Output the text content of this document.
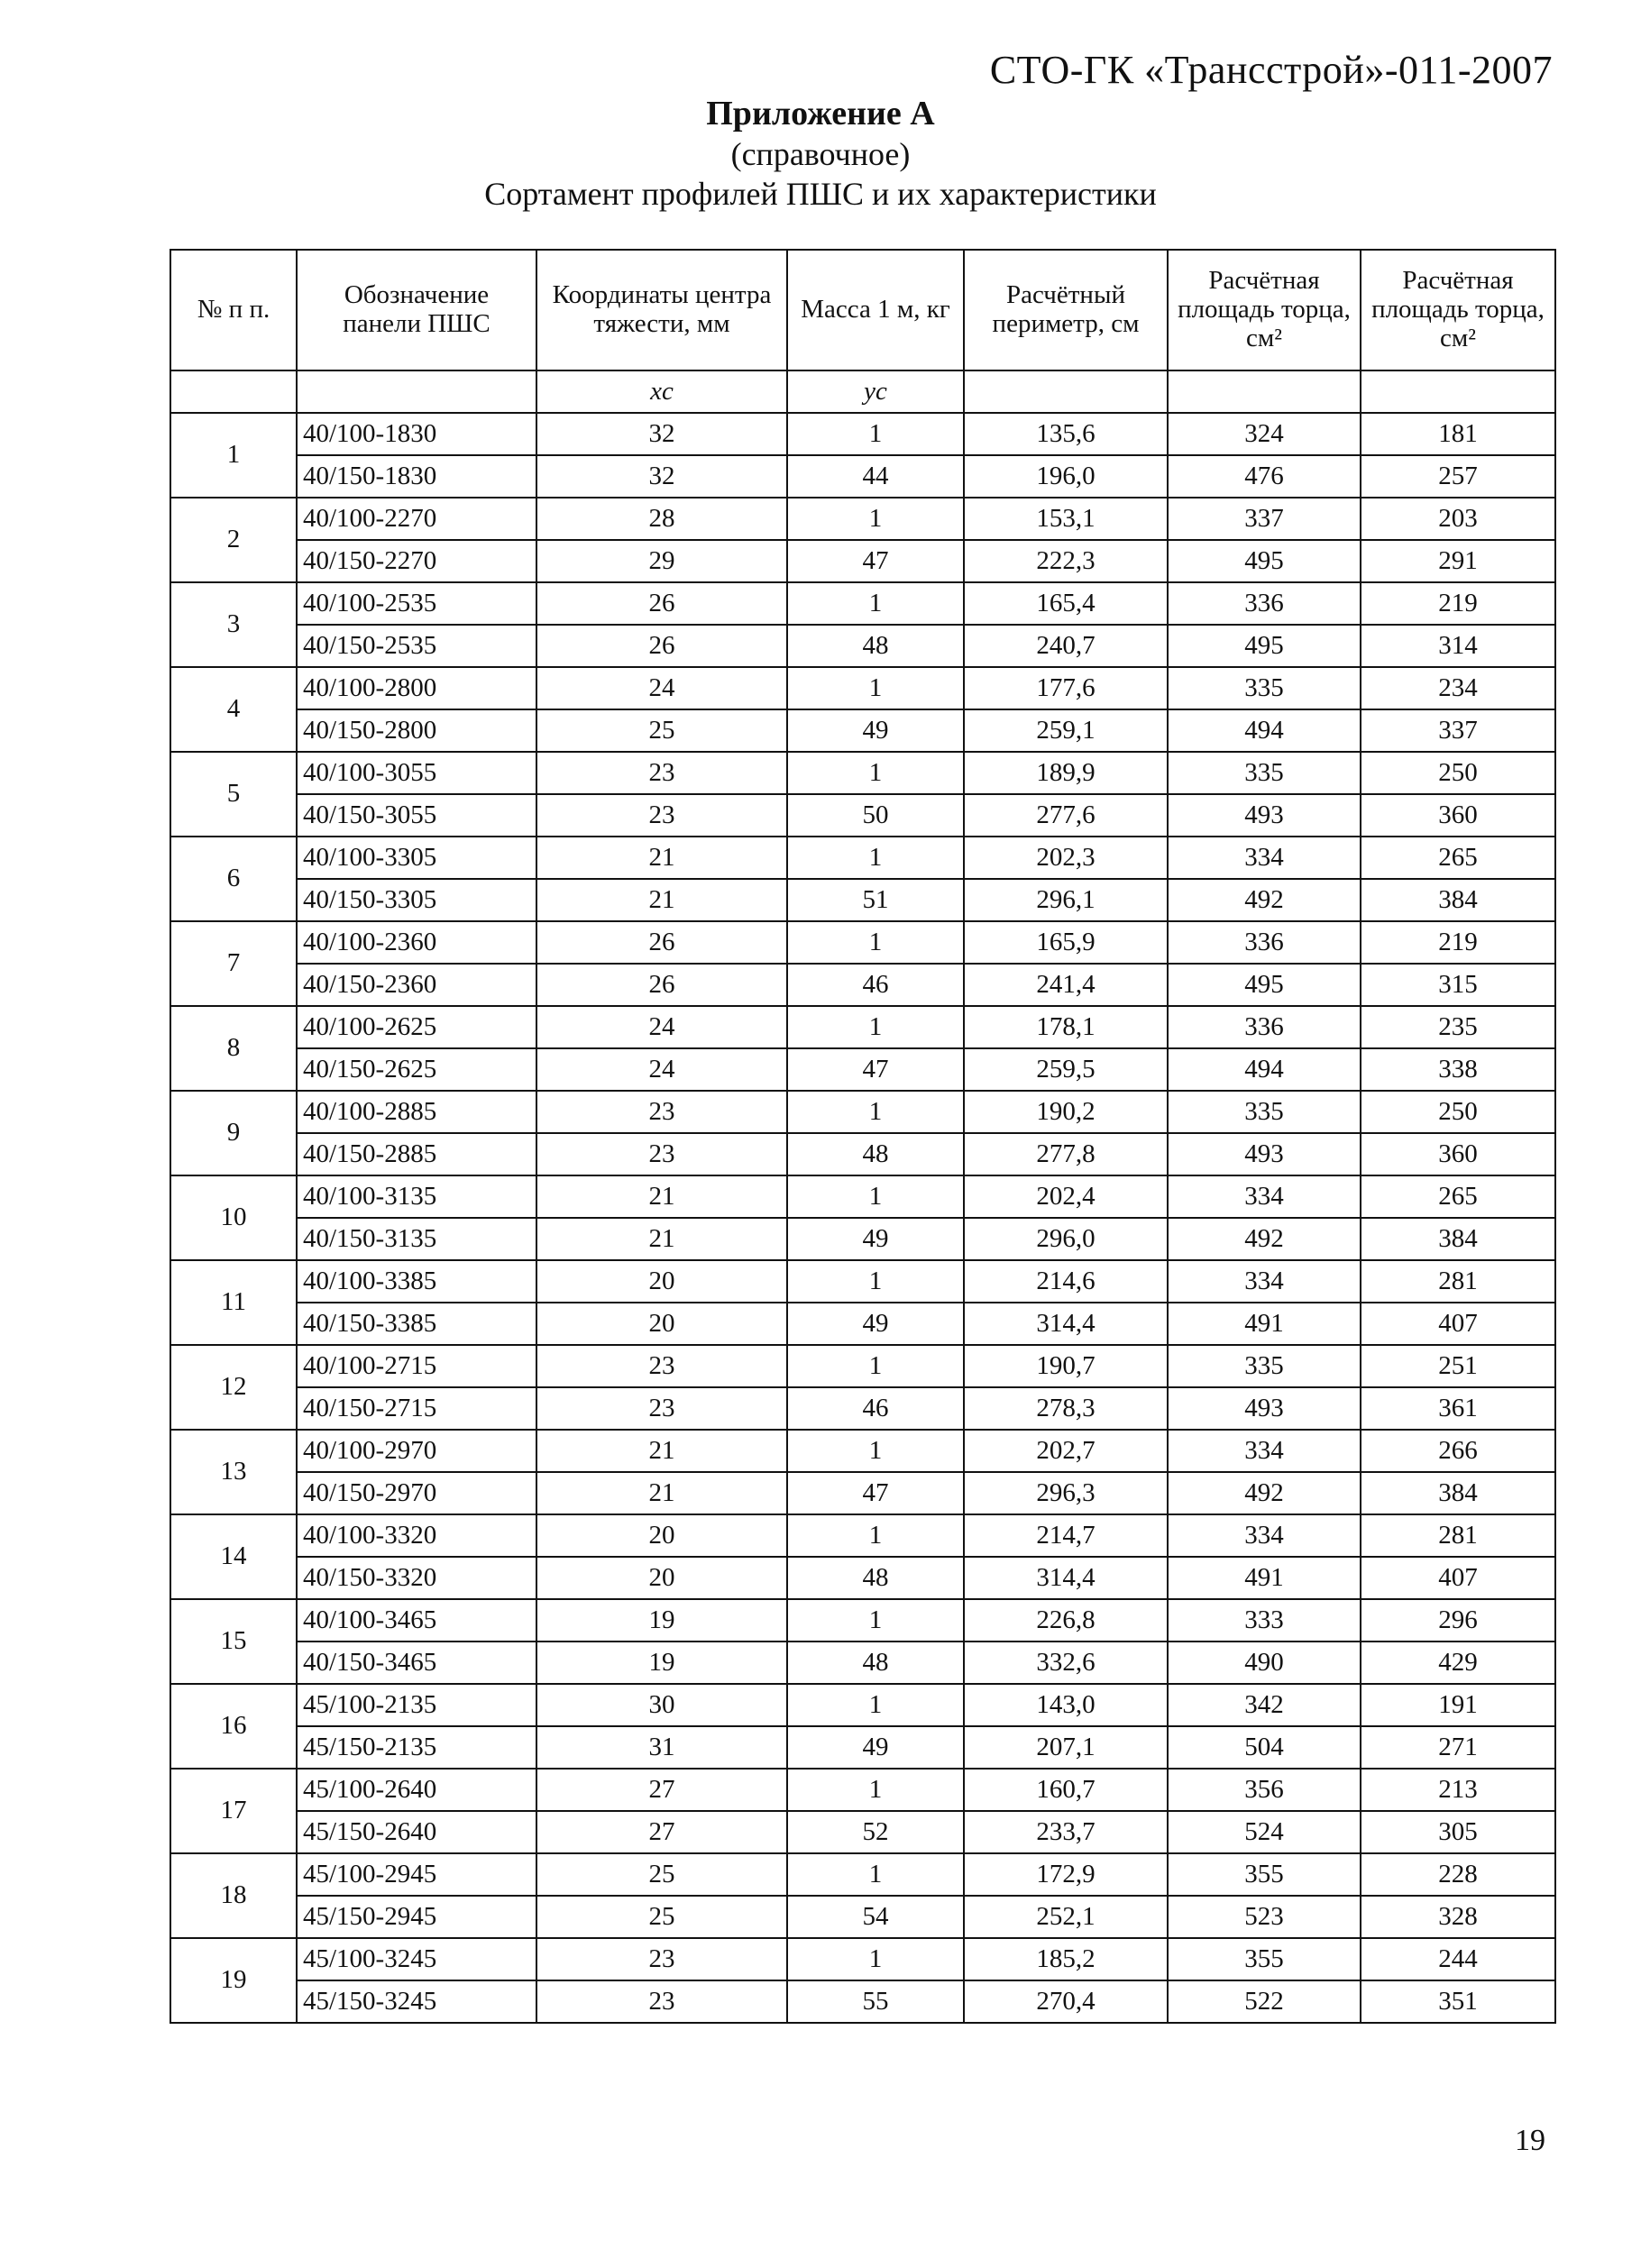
СТО-ГК «Трансстрой»-011-2007
Приложение А
(справочное)
Сортамент профилей ПШС и их характеристики
№ п п.	Обозначение панели ПШС	Координаты центра тяжести, мм	Масса 1 м, кг	Расчётный периметр, см	Расчётная площадь торца, см²	Расчётная площадь торца, см²
		xc	yc			
1	40/100-1830	32	1	135,6	324	181
	40/150-1830	32	44	196,0	476	257
2	40/100-2270	28	1	153,1	337	203
	40/150-2270	29	47	222,3	495	291
3	40/100-2535	26	1	165,4	336	219
	40/150-2535	26	48	240,7	495	314
4	40/100-2800	24	1	177,6	335	234
	40/150-2800	25	49	259,1	494	337
5	40/100-3055	23	1	189,9	335	250
	40/150-3055	23	50	277,6	493	360
6	40/100-3305	21	1	202,3	334	265
	40/150-3305	21	51	296,1	492	384
7	40/100-2360	26	1	165,9	336	219
	40/150-2360	26	46	241,4	495	315
8	40/100-2625	24	1	178,1	336	235
	40/150-2625	24	47	259,5	494	338
9	40/100-2885	23	1	190,2	335	250
	40/150-2885	23	48	277,8	493	360
10	40/100-3135	21	1	202,4	334	265
	40/150-3135	21	49	296,0	492	384
11	40/100-3385	20	1	214,6	334	281
	40/150-3385	20	49	314,4	491	407
12	40/100-2715	23	1	190,7	335	251
	40/150-2715	23	46	278,3	493	361
13	40/100-2970	21	1	202,7	334	266
	40/150-2970	21	47	296,3	492	384
14	40/100-3320	20	1	214,7	334	281
	40/150-3320	20	48	314,4	491	407
15	40/100-3465	19	1	226,8	333	296
	40/150-3465	19	48	332,6	490	429
16	45/100-2135	30	1	143,0	342	191
	45/150-2135	31	49	207,1	504	271
17	45/100-2640	27	1	160,7	356	213
	45/150-2640	27	52	233,7	524	305
18	45/100-2945	25	1	172,9	355	228
	45/150-2945	25	54	252,1	523	328
19	45/100-3245	23	1	185,2	355	244
	45/150-3245	23	55	270,4	522	351
19
